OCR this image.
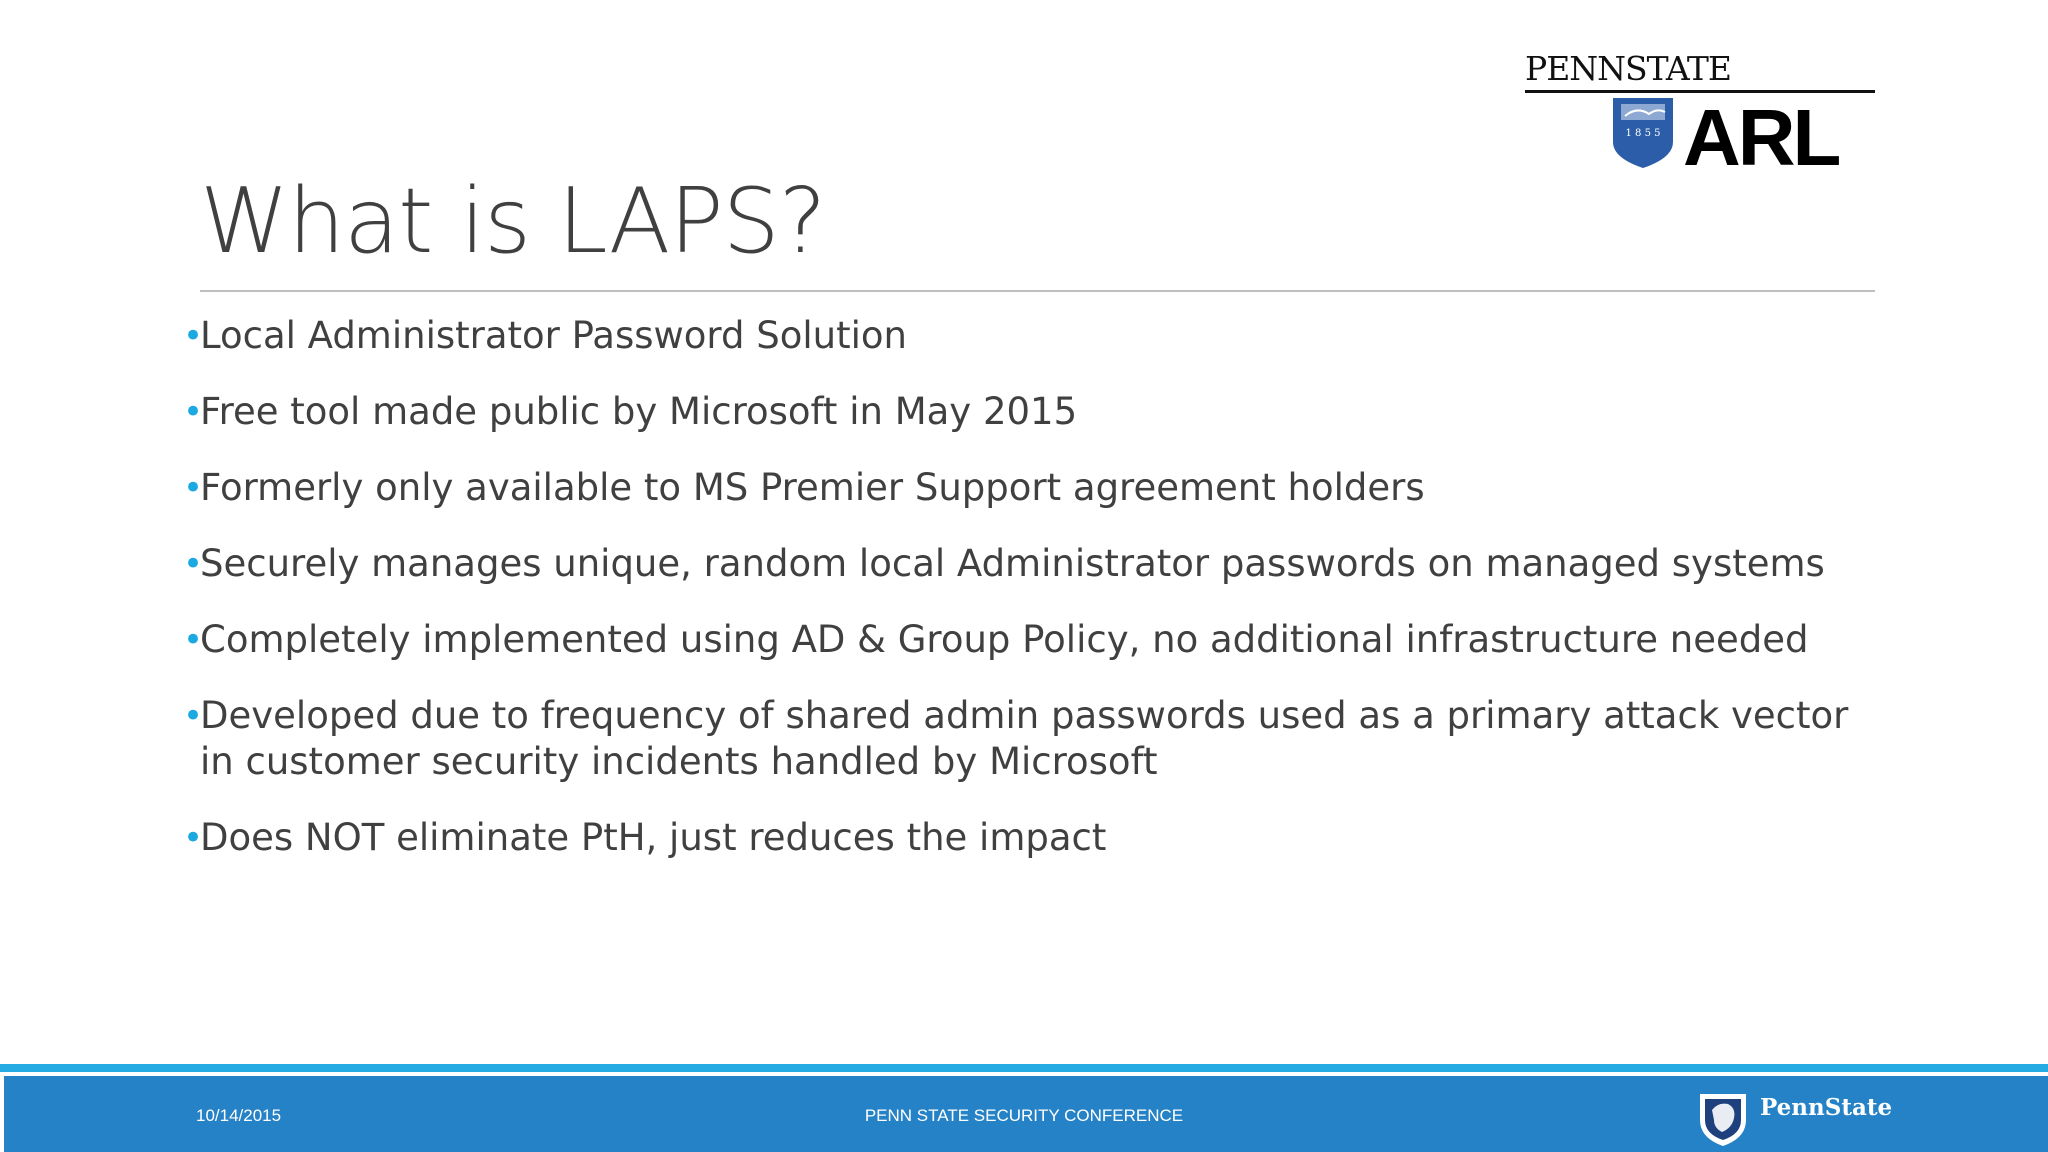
PENNSTATE
1 8 5 5 ARL
What is LAPS?
•
Local Administrator Password Solution
•
Free tool made public by Microsoft in May 2015
•
Formerly only available to MS Premier Support agreement holders
•
Securely manages unique, random local Administrator passwords on managed systems
•
Completely implemented using AD & Group Policy, no additional infrastructure needed
•
Developed due to frequency of shared admin passwords used as a primary attack vector in customer security incidents handled by Microsoft
•
Does NOT eliminate PtH, just reduces the impact
10/14/2015	PENN STATE SECURITY CONFERENCE	PennState
